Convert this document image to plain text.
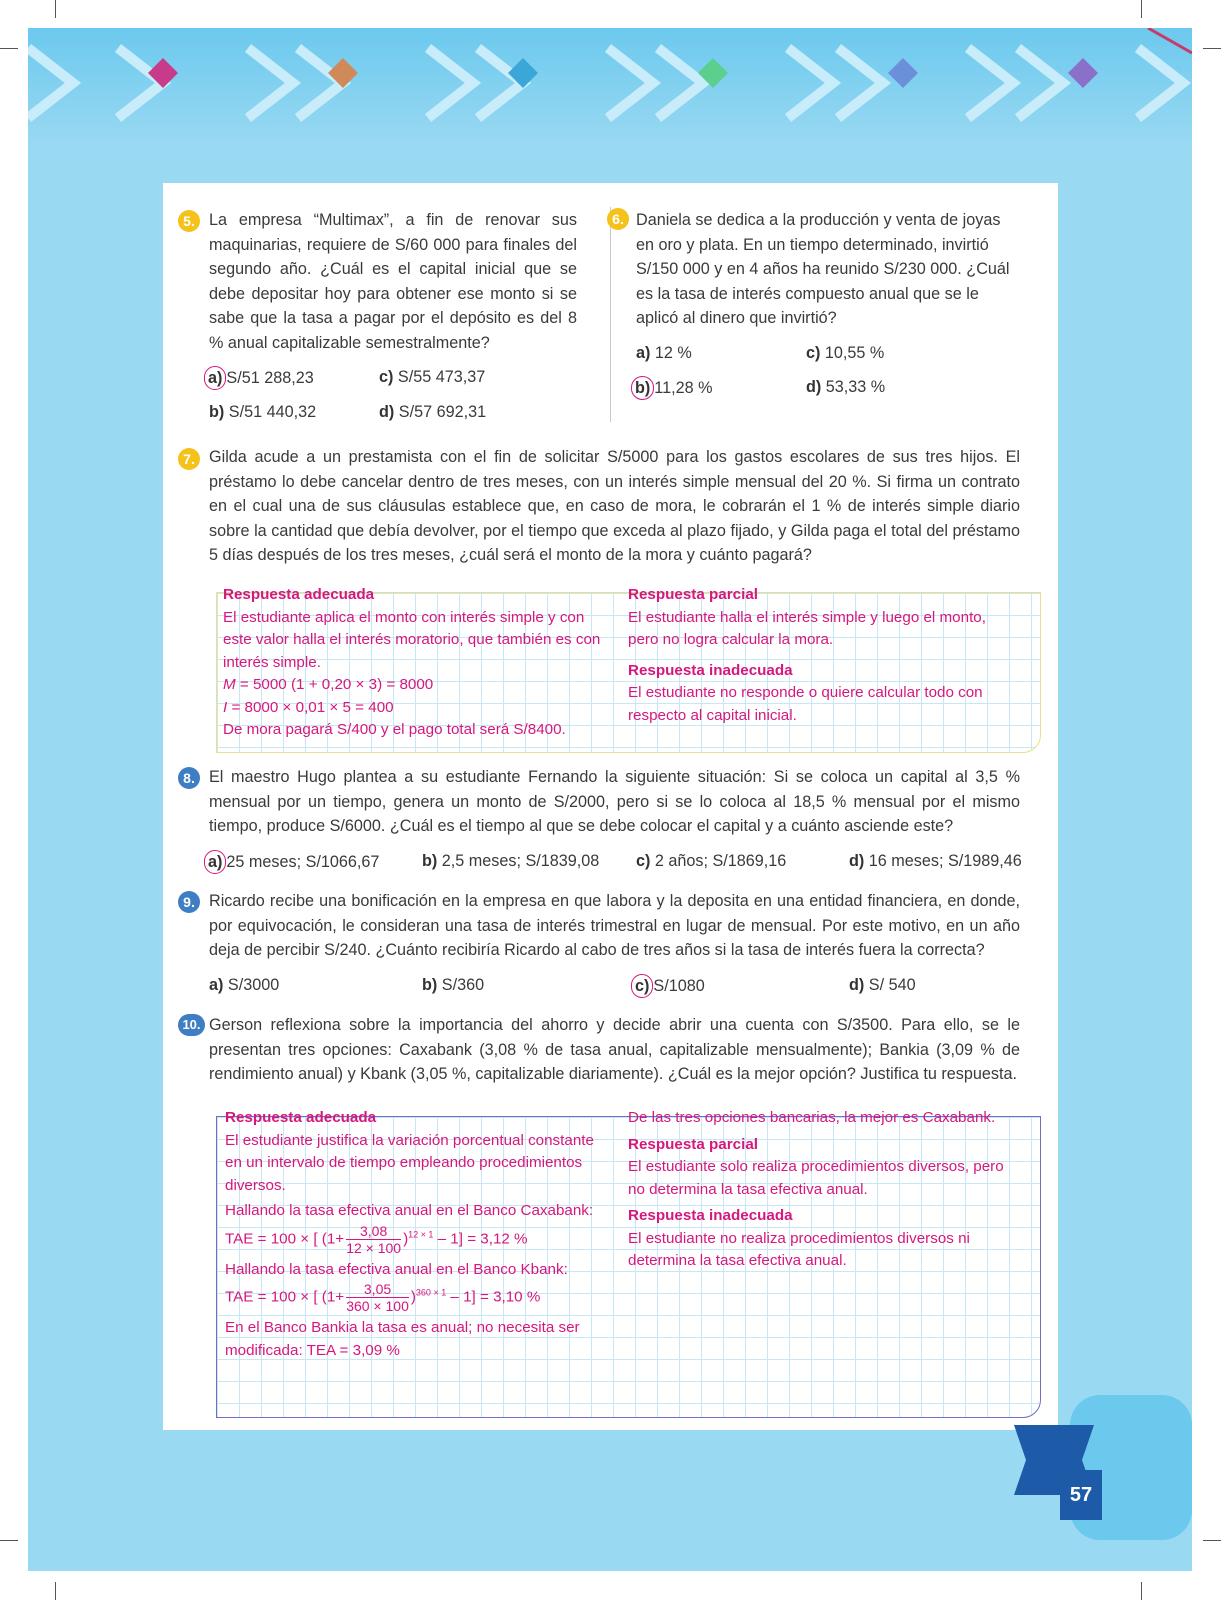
5. La empresa “Multimax”, a fin de renovar sus maquinarias, requiere de S/60 000 para finales del segundo año. ¿Cuál es el capital inicial que se debe depositar hoy para obtener ese monto si se sabe que la tasa a pagar por el depósito es del 8 % anual capitalizable semestralmente?

a) S/51 288,23	c) S/55 473,37
b) S/51 440,32	d) S/57 692,31
6. Daniela se dedica a la producción y venta de joyas en oro y plata. En un tiempo determinado, invirtió S/150 000 y en 4 años ha reunido S/230 000. ¿Cuál es la tasa de interés compuesto anual que se le aplicó al dinero que invirtió?

a) 12 %	c) 10,55 %
b) 11,28 %	d) 53,33 %
7. Gilda acude a un prestamista con el fin de solicitar S/5000 para los gastos escolares de sus tres hijos. El préstamo lo debe cancelar dentro de tres meses, con un interés simple mensual del 20 %. Si firma un contrato en el cual una de sus cláusulas establece que, en caso de mora, le cobrarán el 1 % de interés simple diario sobre la cantidad que debía devolver, por el tiempo que exceda al plazo fijado, y Gilda paga el total del préstamo 5 días después de los tres meses, ¿cuál será el monto de la mora y cuánto pagará?

Respuesta adecuada

El estudiante aplica el monto con interés simple y con este valor halla el interés moratorio, que también es con interés simple.

M = 5000 (1 + 0,20 × 3) = 8000

I = 8000 × 0,01 × 5 = 400

De mora pagará S/400 y el pago total será S/8400.

Respuesta parcial

El estudiante halla el interés simple y luego el monto, pero no logra calcular la mora.

Respuesta inadecuada

El estudiante no responde o quiere calcular todo con respecto al capital inicial.

8. El maestro Hugo plantea a su estudiante Fernando la siguiente situación: Si se coloca un capital al 3,5 % mensual por un tiempo, genera un monto de S/2000, pero si se lo coloca al 18,5 % mensual por el mismo tiempo, produce S/6000. ¿Cuál es el tiempo al que se debe colocar el capital y a cuánto asciende este?

a) 25 meses; S/1066,67	b) 2,5 meses; S/1839,08 c) 2 años; S/1869,16	d) 16 meses; S/1989,46
9. Ricardo recibe una bonificación en la empresa en que labora y la deposita en una entidad financiera, en donde, por equivocación, le consideran una tasa de interés trimestral en lugar de mensual. Por este motivo, en un año deja de percibir S/240. ¿Cuánto recibiría Ricardo al cabo de tres años si la tasa de interés fuera la correcta?

a) S/3000	b) S/360	c) S/1080	d) S/ 540
10. Gerson reflexiona sobre la importancia del ahorro y decide abrir una cuenta con S/3500. Para ello, se le presentan tres opciones: Caxabank (3,08 % de tasa anual, capitalizable mensualmente); Bankia (3,09 % de rendimiento anual) y Kbank (3,05 %, capitalizable diariamente). ¿Cuál es la mejor opción? Justifica tu respuesta.

Respuesta adecuada

El estudiante justifica la variación porcentual constante en un intervalo de tiempo empleando procedimientos diversos.

Hallando la tasa efectiva anual en el Banco Caxabank:

TAE = 100 × [ $(1+ \frac{3,08}{12 \times 100} )^{12 \times 1} - 1] = 3,12$ %

Hallando la tasa efectiva anual en el Banco Kbank:

TAE = 100 × [ $(1+ \frac{3,05}{360 \times 100} )^{360 \times 1} - 1] = 3,10$ %

En el Banco Bankia la tasa es anual; no necesita ser modificada: TEA = 3,09 %

De las tres opciones bancarias, la mejor es Caxabank.

Respuesta parcial

El estudiante solo realiza procedimientos diversos, pero no determina la tasa efectiva anual.

Respuesta inadecuada

El estudiante no realiza procedimientos diversos ni determina la tasa efectiva anual.

57
